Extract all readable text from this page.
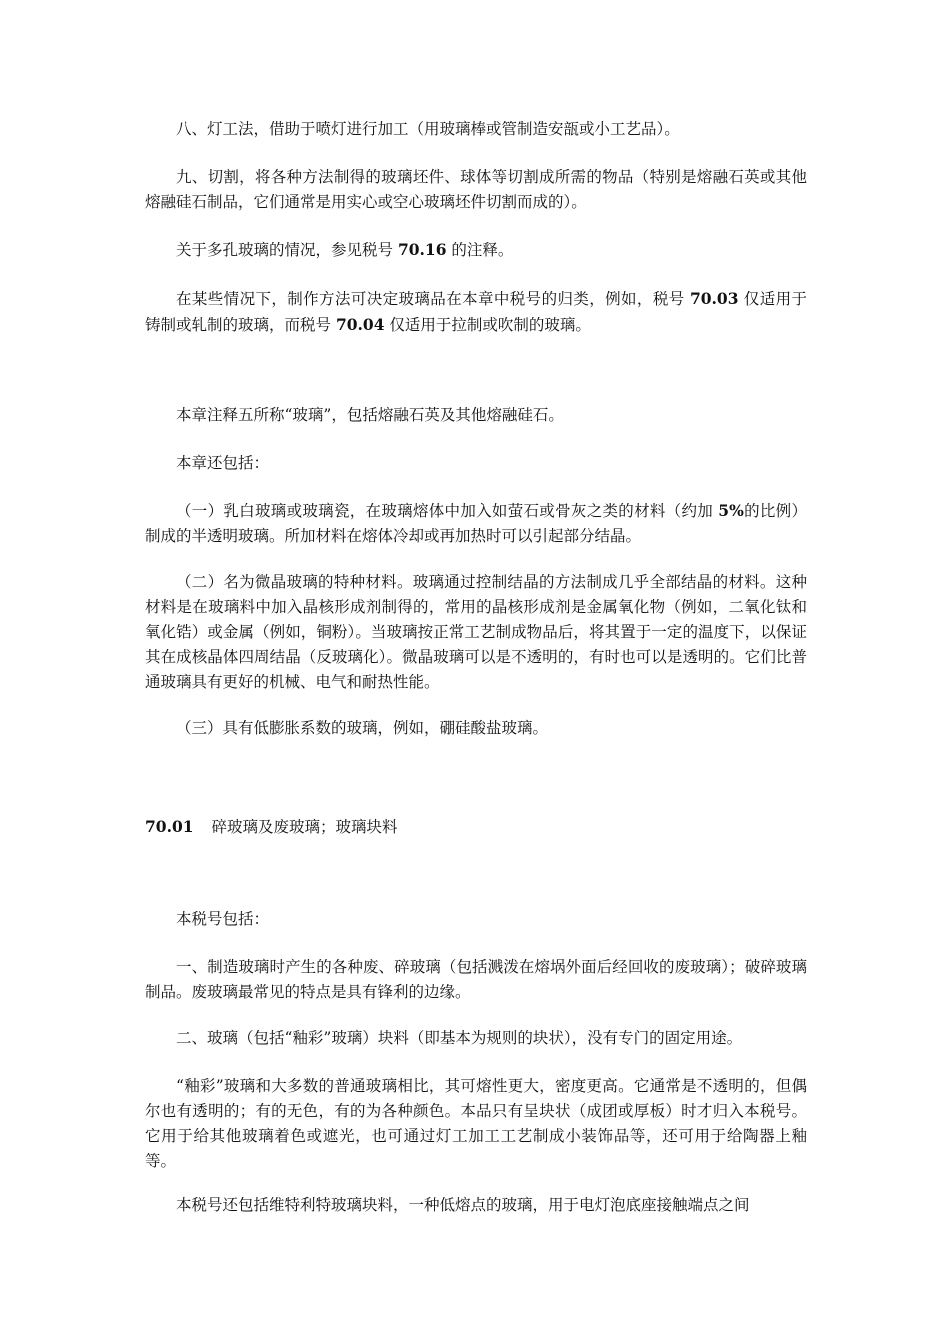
八、灯工法，借助于喷灯进行加工（用玻璃棒或管制造安瓿或小工艺品）。

九、切割，将各种方法制得的玻璃坯件、球体等切割成所需的物品（特别是熔融石英或其他熔融硅石制品，它们通常是用实心或空心玻璃坯件切割而成的）。

关于多孔玻璃的情况，参见税号 70.16 的注释。

在某些情况下，制作方法可决定玻璃品在本章中税号的归类，例如，税号 70.03 仅适用于铸制或轧制的玻璃，而税号 70.04 仅适用于拉制或吹制的玻璃。

本章注释五所称“玻璃”，包括熔融石英及其他熔融硅石。

本章还包括：

（一）乳白玻璃或玻璃瓷，在玻璃熔体中加入如萤石或骨灰之类的材料（约加 5%的比例）制成的半透明玻璃。所加材料在熔体冷却或再加热时可以引起部分结晶。

（二）名为微晶玻璃的特种材料。玻璃通过控制结晶的方法制成几乎全部结晶的材料。这种材料是在玻璃料中加入晶核形成剂制得的，常用的晶核形成剂是金属氧化物（例如，二氧化钛和氧化锆）或金属（例如，铜粉）。当玻璃按正常工艺制成物品后，将其置于一定的温度下，以保证其在成核晶体四周结晶（反玻璃化）。微晶玻璃可以是不透明的，有时也可以是透明的。它们比普通玻璃具有更好的机械、电气和耐热性能。

（三）具有低膨胀系数的玻璃，例如，硼硅酸盐玻璃。

70.01 碎玻璃及废玻璃；玻璃块料

本税号包括：

一、制造玻璃时产生的各种废、碎玻璃（包括溅泼在熔埚外面后经回收的废玻璃）；破碎玻璃制品。废玻璃最常见的特点是具有锋利的边缘。

二、玻璃（包括“釉彩”玻璃）块料（即基本为规则的块状），没有专门的固定用途。

“釉彩”玻璃和大多数的普通玻璃相比，其可熔性更大，密度更高。它通常是不透明的，但偶尔也有透明的；有的无色，有的为各种颜色。本品只有呈块状（成团或厚板）时才归入本税号。它用于给其他玻璃着色或遮光，也可通过灯工加工工艺制成小装饰品等，还可用于给陶器上釉等。

本税号还包括维特利特玻璃块料，一种低熔点的玻璃，用于电灯泡底座接触端点之间
